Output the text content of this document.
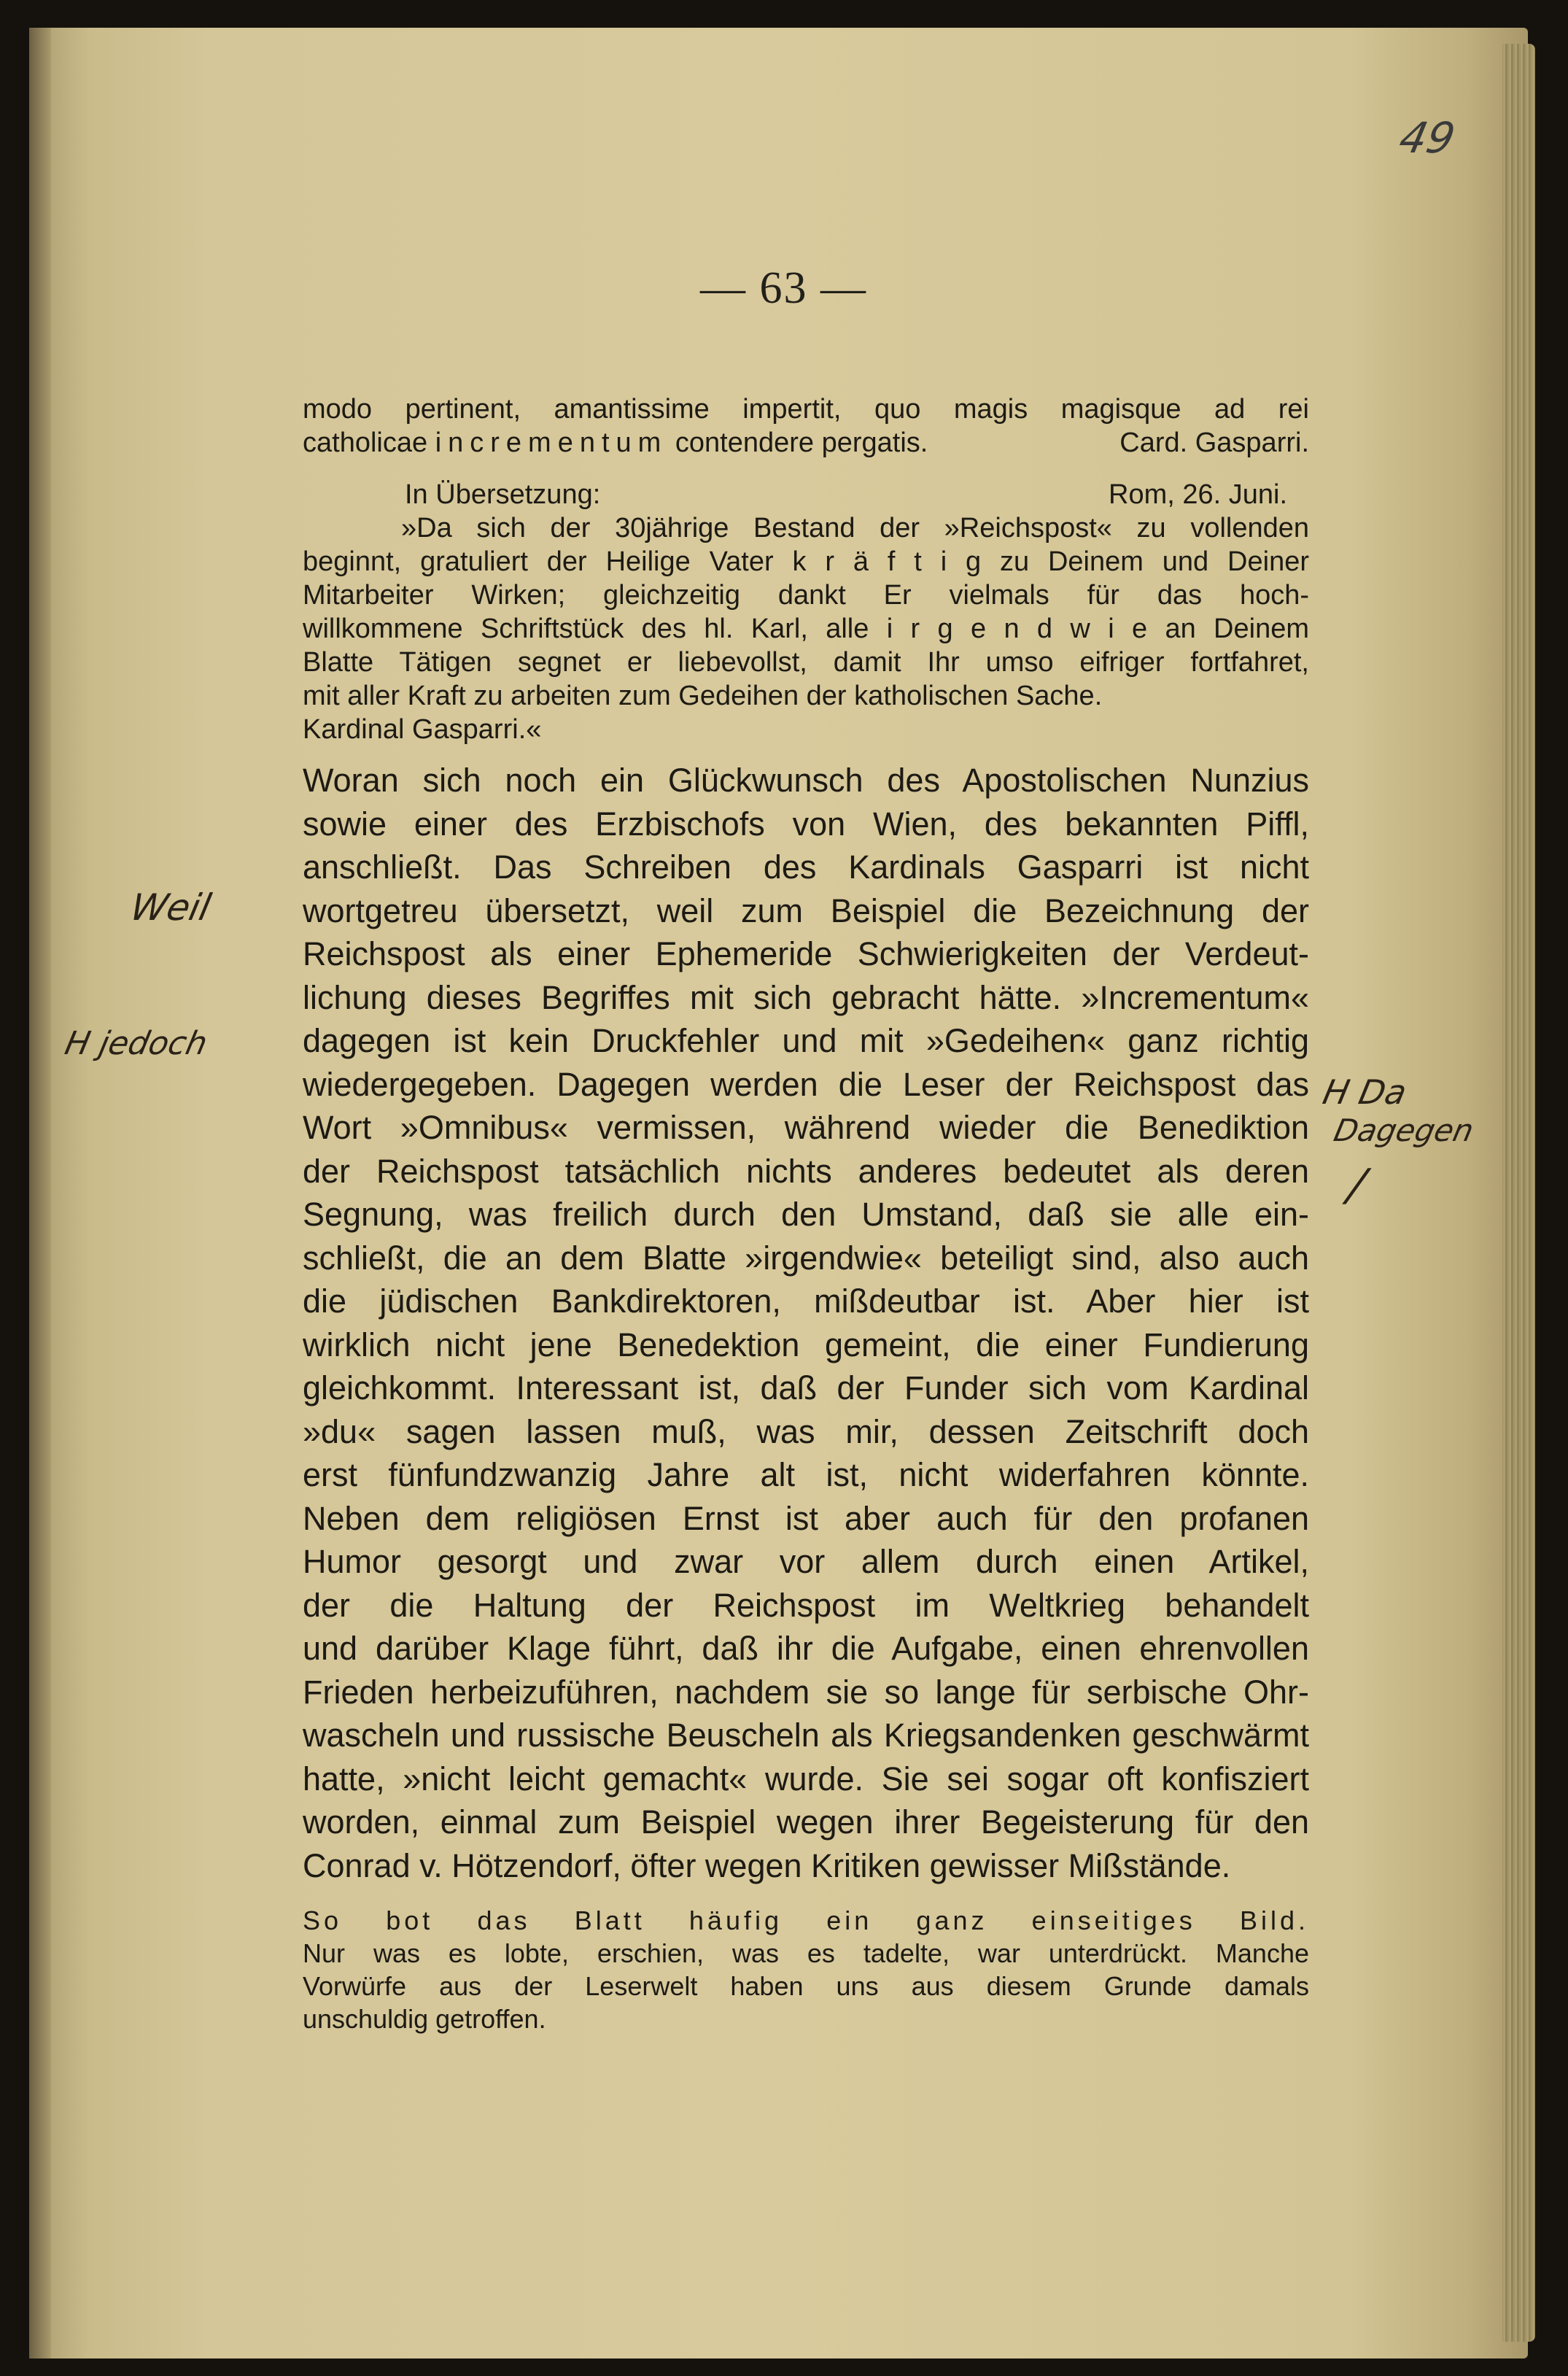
49
— 63 —
modo pertinent, amantissime impertit, quo magis magisque ad rei
catholicae incrementum contendere pergatis.	Card. Gasparri.
In Übersetzung:	Rom, 26. Juni.
»Da sich der 30jährige Bestand der »Reichspost« zu vollenden
beginnt, gratuliert der Heilige Vater k r ä f t i g zu Deinem und Deiner
Mitarbeiter Wirken; gleichzeitig dankt Er vielmals für das hoch-
willkommene Schriftstück des hl. Karl, alle i r g e n d w i e an Deinem
Blatte Tätigen segnet er liebevollst, damit Ihr umso eifriger fortfahret,
mit aller Kraft zu arbeiten zum Gedeihen der katholischen Sache.
Kardinal Gasparri.«
Woran sich noch ein Glückwunsch des Apostolischen Nunzius
sowie einer des Erzbischofs von Wien, des bekannten Piffl,
anschließt. Das Schreiben des Kardinals Gasparri ist nicht
wortgetreu übersetzt, weil zum Beispiel die Bezeichnung der
Reichspost als einer Ephemeride Schwierigkeiten der Verdeut-
lichung dieses Begriffes mit sich gebracht hätte. »Incrementum«
dagegen ist kein Druckfehler und mit »Gedeihen« ganz richtig
wiedergegeben. Dagegen werden die Leser der Reichspost das
Wort »Omnibus« vermissen, während wieder die Benediktion
der Reichspost tatsächlich nichts anderes bedeutet als deren
Segnung, was freilich durch den Umstand, daß sie alle ein-
schließt, die an dem Blatte »irgendwie« beteiligt sind, also auch
die jüdischen Bankdirektoren, mißdeutbar ist. Aber hier ist
wirklich nicht jene Benedektion gemeint, die einer Fundierung
gleichkommt. Interessant ist, daß der Funder sich vom Kardinal
»du« sagen lassen muß, was mir, dessen Zeitschrift doch
erst fünfundzwanzig Jahre alt ist, nicht widerfahren könnte.
Neben dem religiösen Ernst ist aber auch für den profanen
Humor gesorgt und zwar vor allem durch einen Artikel,
der die Haltung der Reichspost im Weltkrieg behandelt
und darüber Klage führt, daß ihr die Aufgabe, einen ehrenvollen
Frieden herbeizuführen, nachdem sie so lange für serbische Ohr-
wascheln und russische Beuscheln als Kriegsandenken geschwärmt
hatte, »nicht leicht gemacht« wurde. Sie sei sogar oft konfisziert
worden, einmal zum Beispiel wegen ihrer Begeisterung für den
Conrad v. Hötzendorf, öfter wegen Kritiken gewisser Mißstände.
So bot das Blatt häufig ein ganz einseitiges Bild.
Nur was es lobte, erschien, was es tadelte, war unterdrückt. Manche
Vorwürfe aus der Leserwelt haben uns aus diesem Grunde damals
unschuldig getroffen.
Weil
H jedoch
H Da
Dagegen
/
